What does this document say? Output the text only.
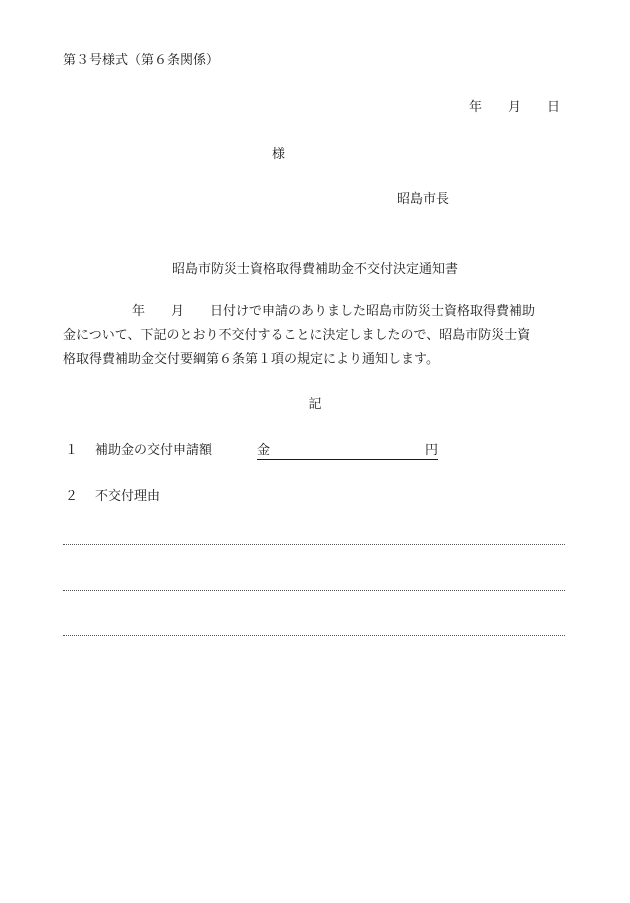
第３号様式（第６条関係）
年 月 日
様
昭島市長
昭島市防災士資格取得費補助金不交付決定通知書
年 月 日付けで申請のありました昭島市防災士資格取得費補助
金について、下記のとおり不交付することに決定しましたので、昭島市防災士資
格取得費補助金交付要綱第６条第１項の規定により通知します。
記
１ 補助金の交付申請額	金	円
２ 不交付理由
